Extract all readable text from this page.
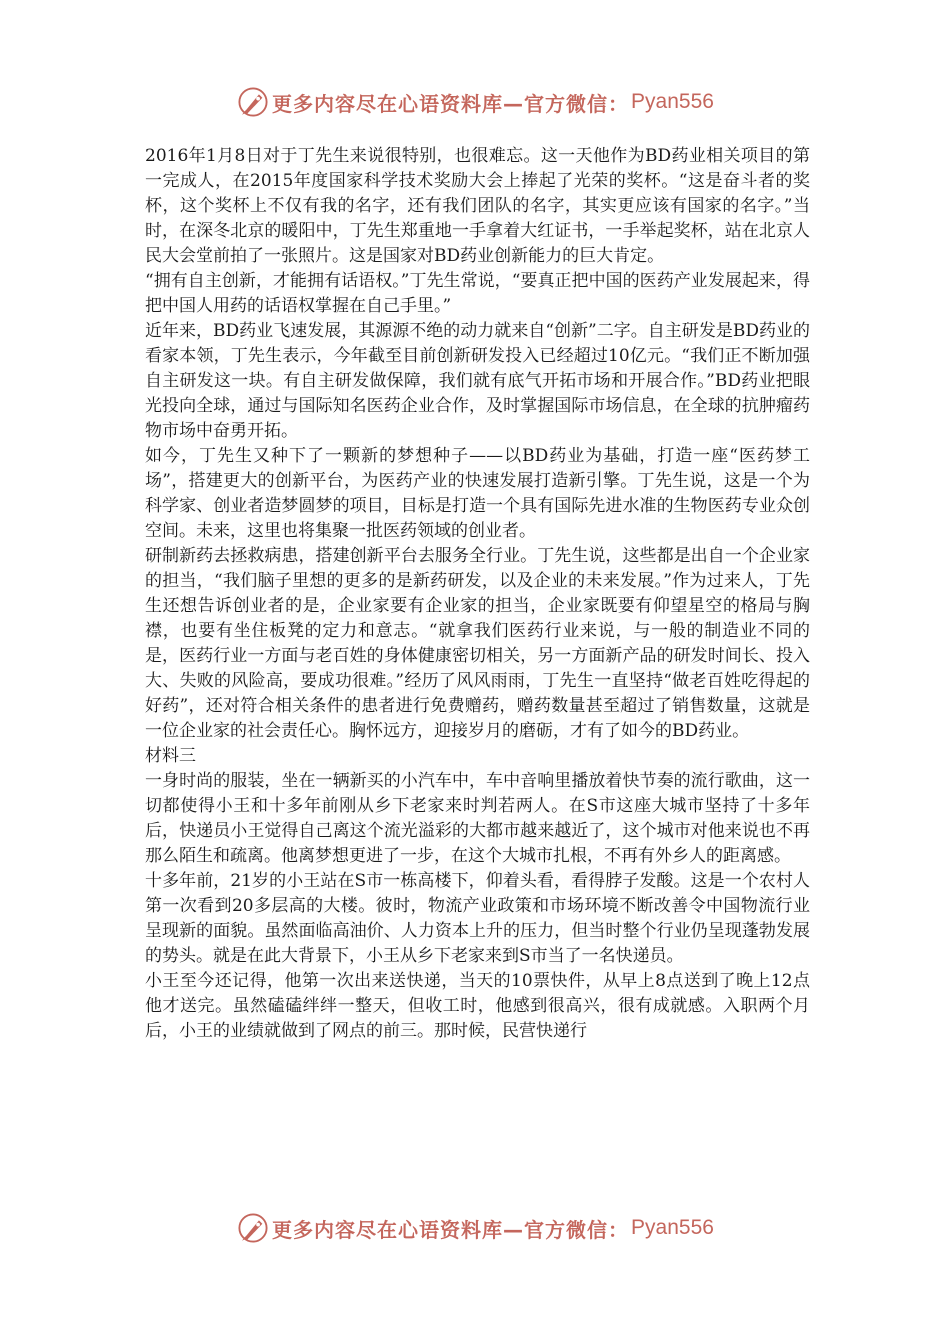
更多内容尽在心语资料库—官方微信： Pyan556

2016年1月8日对于丁先生来说很特别，也很难忘。这一天他作为BD药业相关项目的第一完成人，在2015年度国家科学技术奖励大会上捧起了光荣的奖杯。“这是奋斗者的奖杯，这个奖杯上不仅有我的名字，还有我们团队的名字，其实更应该有国家的名字。”当时，在深冬北京的暖阳中，丁先生郑重地一手拿着大红证书，一手举起奖杯，站在北京人民大会堂前拍了一张照片。这是国家对BD药业创新能力的巨大肯定。

“拥有自主创新，才能拥有话语权。”丁先生常说，“要真正把中国的医药产业发展起来，得把中国人用药的话语权掌握在自己手里。”

近年来，BD药业飞速发展，其源源不绝的动力就来自“创新”二字。自主研发是BD药业的看家本领，丁先生表示，今年截至目前创新研发投入已经超过10亿元。“我们正不断加强自主研发这一块。有自主研发做保障，我们就有底气开拓市场和开展合作。”BD药业把眼光投向全球，通过与国际知名医药企业合作，及时掌握国际市场信息，在全球的抗肿瘤药物市场中奋勇开拓。

如今，丁先生又种下了一颗新的梦想种子——以BD药业为基础，打造一座“医药梦工场”，搭建更大的创新平台，为医药产业的快速发展打造新引擎。丁先生说，这是一个为科学家、创业者造梦圆梦的项目，目标是打造一个具有国际先进水准的生物医药专业众创空间。未来，这里也将集聚一批医药领域的创业者。

研制新药去拯救病患，搭建创新平台去服务全行业。丁先生说，这些都是出自一个企业家的担当，“我们脑子里想的更多的是新药研发，以及企业的未来发展。”作为过来人，丁先生还想告诉创业者的是，企业家要有企业家的担当，企业家既要有仰望星空的格局与胸襟，也要有坐住板凳的定力和意志。“就拿我们医药行业来说，与一般的制造业不同的是，医药行业一方面与老百姓的身体健康密切相关，另一方面新产品的研发时间长、投入大、失败的风险高，要成功很难。”经历了风风雨雨，丁先生一直坚持“做老百姓吃得起的好药”，还对符合相关条件的患者进行免费赠药，赠药数量甚至超过了销售数量，这就是一位企业家的社会责任心。胸怀远方，迎接岁月的磨砺，才有了如今的BD药业。

材料三

一身时尚的服装，坐在一辆新买的小汽车中，车中音响里播放着快节奏的流行歌曲，这一切都使得小王和十多年前刚从乡下老家来时判若两人。在S市这座大城市坚持了十多年后，快递员小王觉得自己离这个流光溢彩的大都市越来越近了，这个城市对他来说也不再那么陌生和疏离。他离梦想更进了一步，在这个大城市扎根，不再有外乡人的距离感。

十多年前，21岁的小王站在S市一栋高楼下，仰着头看，看得脖子发酸。这是一个农村人第一次看到20多层高的大楼。彼时，物流产业政策和市场环境不断改善令中国物流行业呈现新的面貌。虽然面临高油价、人力资本上升的压力，但当时整个行业仍呈现蓬勃发展的势头。就是在此大背景下，小王从乡下老家来到S市当了一名快递员。

小王至今还记得，他第一次出来送快递，当天的10票快件，从早上8点送到了晚上12点他才送完。虽然磕磕绊绊一整天，但收工时，他感到很高兴，很有成就感。入职两个月后，小王的业绩就做到了网点的前三。那时候，民营快递行

更多内容尽在心语资料库—官方微信： Pyan556
